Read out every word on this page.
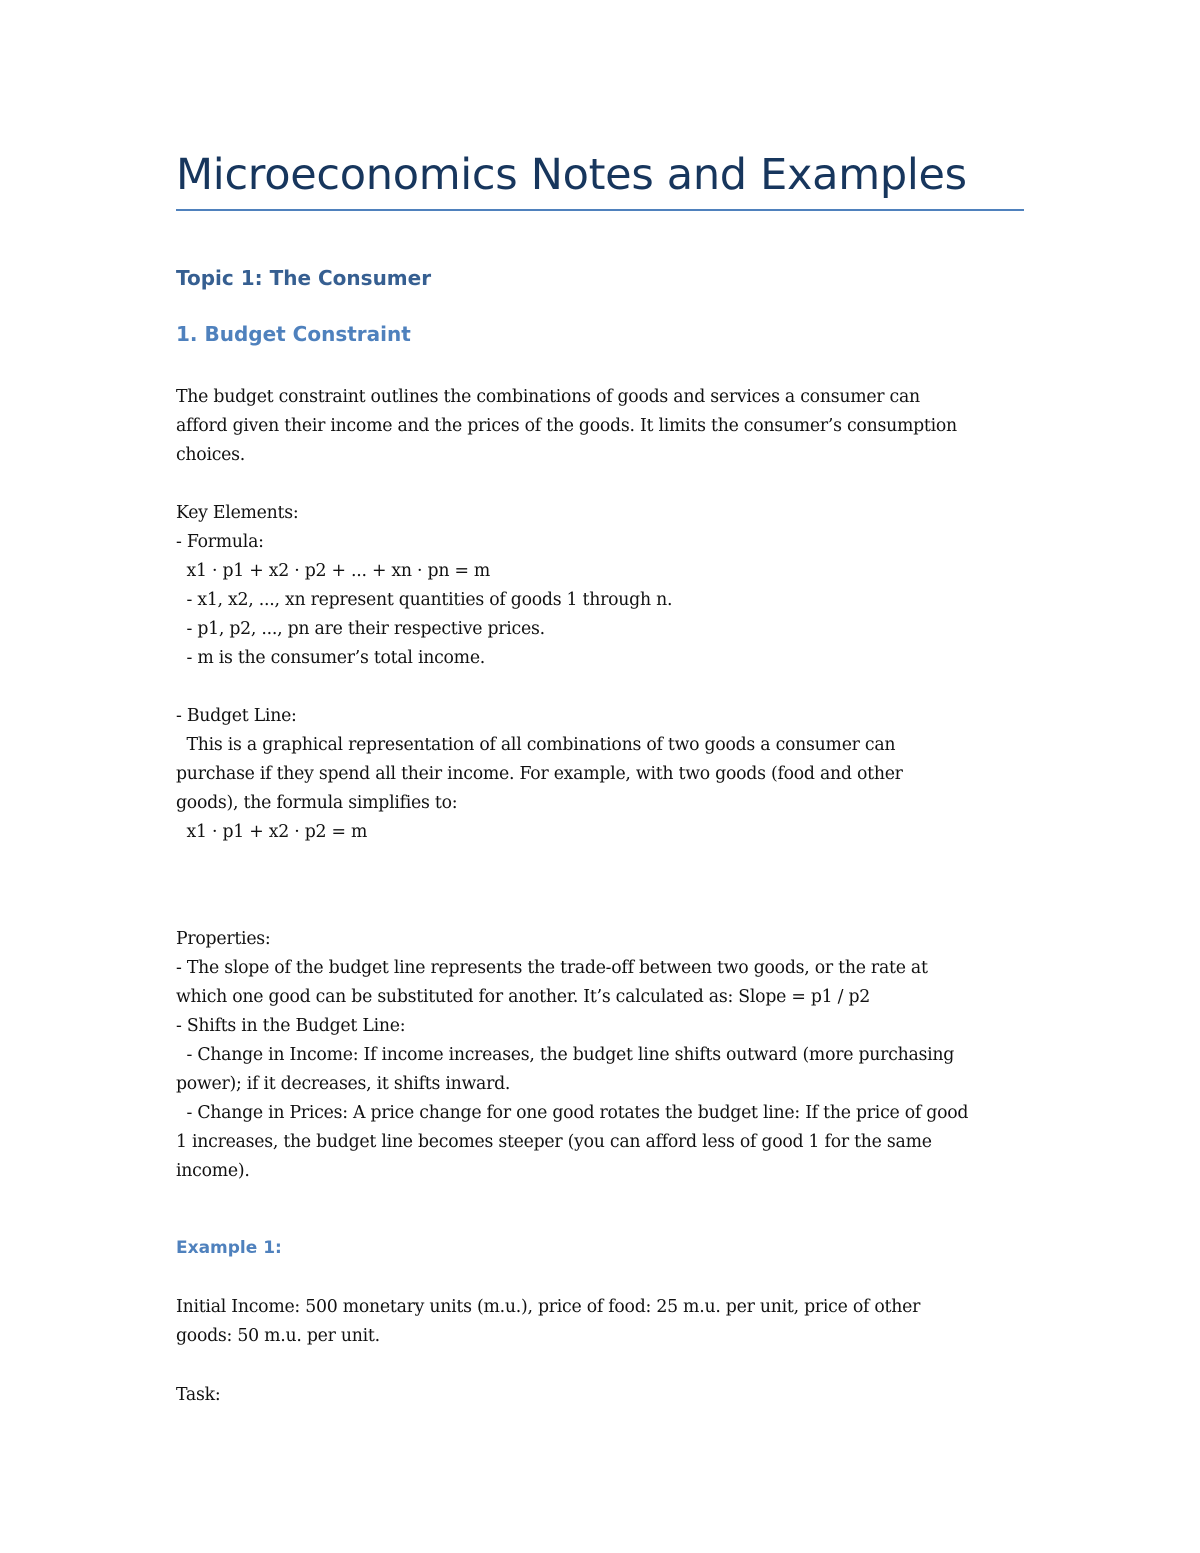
Microeconomics Notes and Examples
Topic 1: The Consumer
1. Budget Constraint
The budget constraint outlines the combinations of goods and services a consumer can
afford given their income and the prices of the goods. It limits the consumer’s consumption
choices.
Key Elements:
- Formula:
x1 · p1 + x2 · p2 + ... + xn · pn = m
- x1, x2, ..., xn represent quantities of goods 1 through n.
- p1, p2, ..., pn are their respective prices.
- m is the consumer’s total income.
- Budget Line:
This is a graphical representation of all combinations of two goods a consumer can
purchase if they spend all their income. For example, with two goods (food and other
goods), the formula simplifies to:
x1 · p1 + x2 · p2 = m
Properties:
- The slope of the budget line represents the trade-off between two goods, or the rate at
which one good can be substituted for another. It’s calculated as: Slope = p1 / p2
- Shifts in the Budget Line:
- Change in Income: If income increases, the budget line shifts outward (more purchasing
power); if it decreases, it shifts inward.
- Change in Prices: A price change for one good rotates the budget line: If the price of good
1 increases, the budget line becomes steeper (you can afford less of good 1 for the same
income).
Example 1:
Initial Income: 500 monetary units (m.u.), price of food: 25 m.u. per unit, price of other
goods: 50 m.u. per unit.
Task:
